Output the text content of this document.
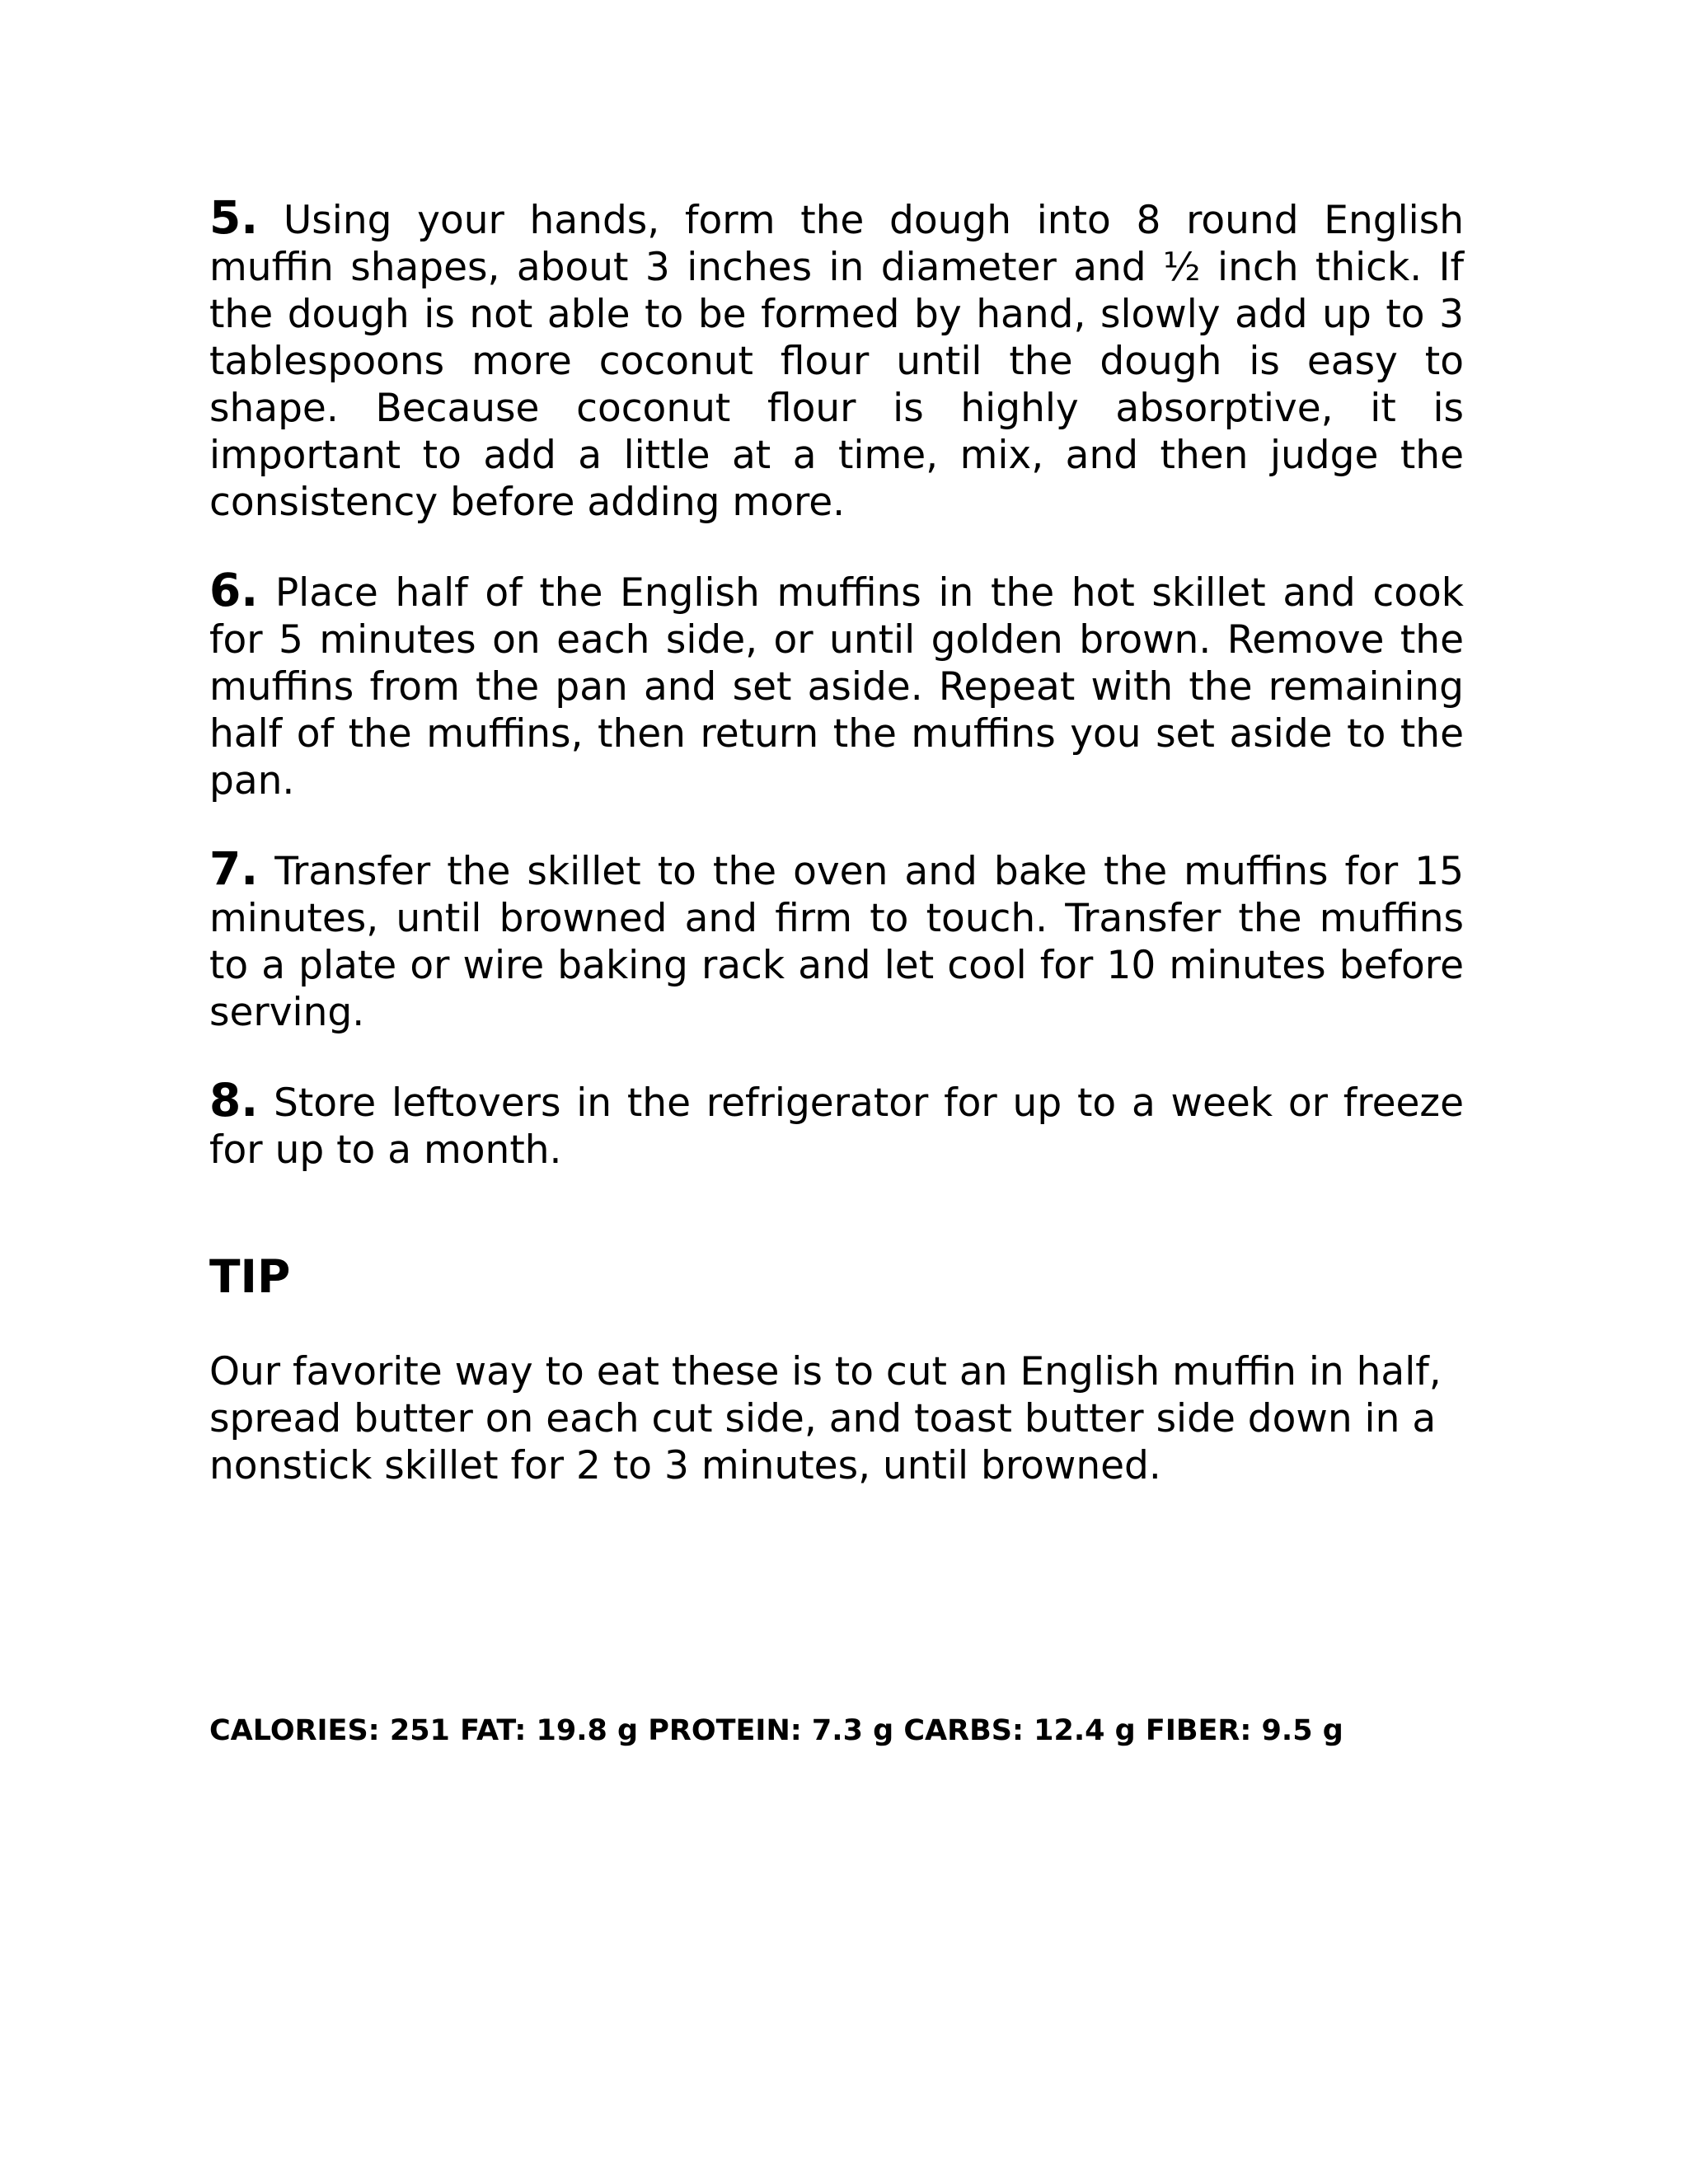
5. Using your hands, form the dough into 8 round English muffin shapes, about 3 inches in diameter and ½ inch thick. If the dough is not able to be formed by hand, slowly add up to 3 tablespoons more coconut flour until the dough is easy to shape. Because coconut flour is highly absorptive, it is important to add a little at a time, mix, and then judge the consistency before adding more.

6. Place half of the English muffins in the hot skillet and cook for 5 minutes on each side, or until golden brown. Remove the muffins from the pan and set aside. Repeat with the remaining half of the muffins, then return the muffins you set aside to the pan.

7. Transfer the skillet to the oven and bake the muffins for 15 minutes, until browned and firm to touch. Transfer the muffins to a plate or wire baking rack and let cool for 10 minutes before serving.

8. Store leftovers in the refrigerator for up to a week or freeze for up to a month.

TIP

Our favorite way to eat these is to cut an English muffin in half, spread butter on each cut side, and toast butter side down in a nonstick skillet for 2 to 3 minutes, until browned.

CALORIES: 251 FAT: 19.8 g PROTEIN: 7.3 g CARBS: 12.4 g FIBER: 9.5 g
